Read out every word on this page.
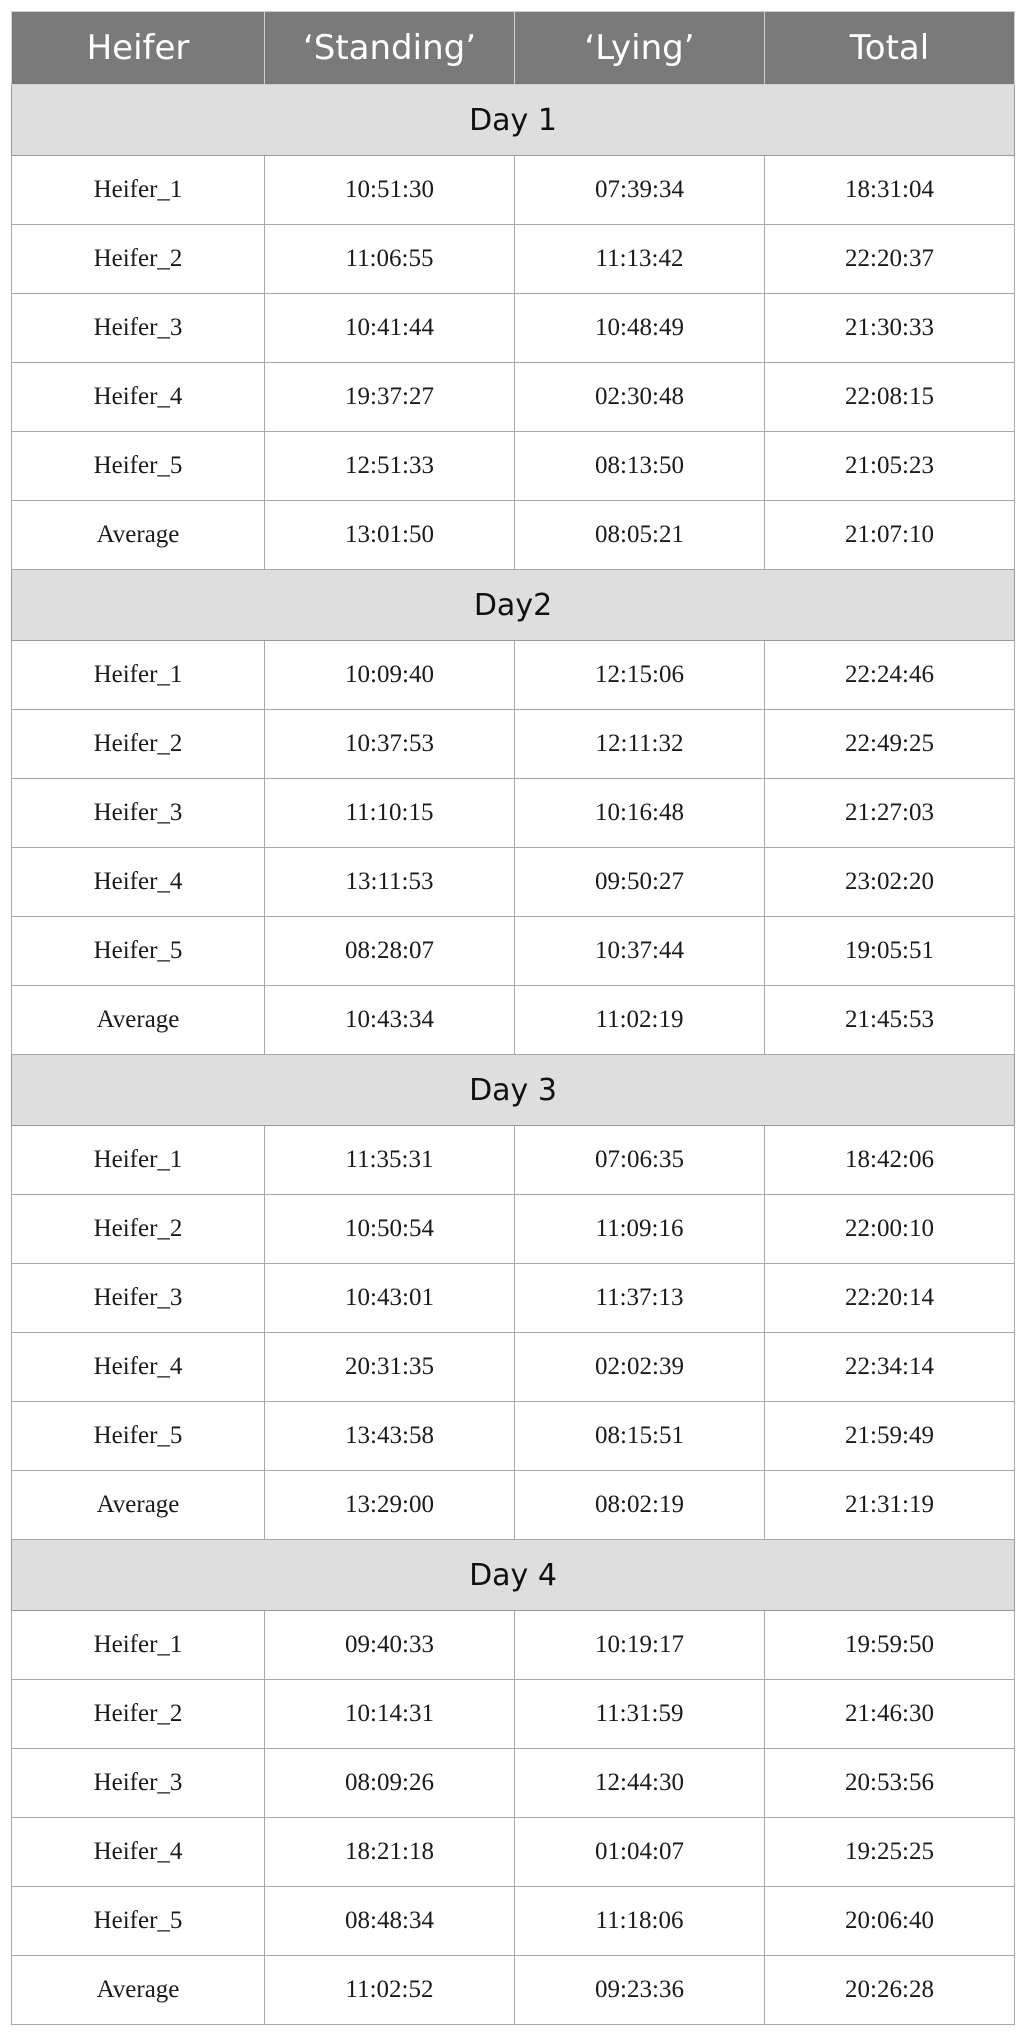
Heifer	‘Standing’	‘Lying’	Total
Day 1			
Heifer_1	10:51:30	07:39:34	18:31:04
Heifer_2	11:06:55	11:13:42	22:20:37
Heifer_3	10:41:44	10:48:49	21:30:33
Heifer_4	19:37:27	02:30:48	22:08:15
Heifer_5	12:51:33	08:13:50	21:05:23
Average	13:01:50	08:05:21	21:07:10
Day2			
Heifer_1	10:09:40	12:15:06	22:24:46
Heifer_2	10:37:53	12:11:32	22:49:25
Heifer_3	11:10:15	10:16:48	21:27:03
Heifer_4	13:11:53	09:50:27	23:02:20
Heifer_5	08:28:07	10:37:44	19:05:51
Average	10:43:34	11:02:19	21:45:53
Day 3			
Heifer_1	11:35:31	07:06:35	18:42:06
Heifer_2	10:50:54	11:09:16	22:00:10
Heifer_3	10:43:01	11:37:13	22:20:14
Heifer_4	20:31:35	02:02:39	22:34:14
Heifer_5	13:43:58	08:15:51	21:59:49
Average	13:29:00	08:02:19	21:31:19
Day 4			
Heifer_1	09:40:33	10:19:17	19:59:50
Heifer_2	10:14:31	11:31:59	21:46:30
Heifer_3	08:09:26	12:44:30	20:53:56
Heifer_4	18:21:18	01:04:07	19:25:25
Heifer_5	08:48:34	11:18:06	20:06:40
Average	11:02:52	09:23:36	20:26:28
